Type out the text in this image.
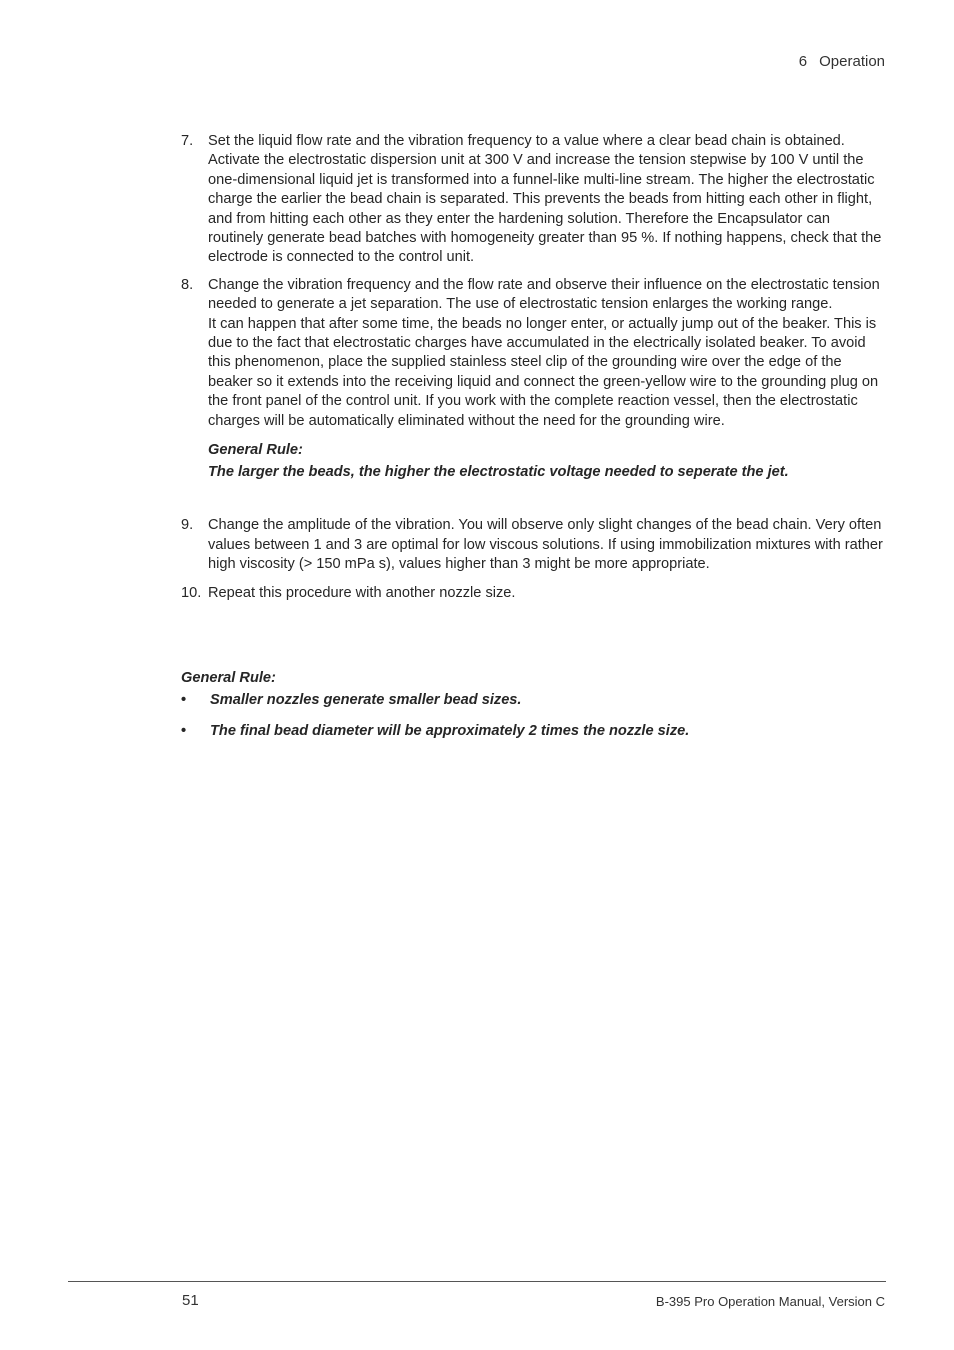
6 Operation
7. Set the liquid flow rate and the vibration frequency to a value where a clear bead chain is obtained. Activate the electrostatic dispersion unit at 300 V and increase the tension stepwise by 100 V until the one-dimensional liquid jet is transformed into a funnel-like multi-line stream. The higher the electrostatic charge the earlier the bead chain is separated. This prevents the beads from hitting each other in flight, and from hitting each other as they enter the hardening solution. Therefore the Encapsulator can routinely generate bead batches with homogeneity greater than 95 %. If nothing happens, check that the electrode is connected to the control unit.

8. Change the vibration frequency and the flow rate and observe their influence on the electrostatic tension needed to generate a jet separation. The use of electrostatic tension enlarges the working range.

It can happen that after some time, the beads no longer enter, or actually jump out of the beaker. This is due to the fact that electrostatic charges have accumulated in the electrically isolated beaker. To avoid this phenomenon, place the supplied stainless steel clip of the grounding wire over the edge of the beaker so it extends into the receiving liquid and connect the green-yellow wire to the grounding plug on the front panel of the control unit. If you work with the complete reaction vessel, then the electrostatic charges will be automatically eliminated without the need for the grounding wire.

General Rule:
The larger the beads, the higher the electrostatic voltage needed to seperate the jet.
9. Change the amplitude of the vibration. You will observe only slight changes of the bead chain. Very often values between 1 and 3 are optimal for low viscous solutions. If using immobilization mixtures with rather high viscosity (> 150 mPa s), values higher than 3 might be more appropriate.

10. Repeat this procedure with another nozzle size.

General Rule:
• Smaller nozzles generate smaller bead sizes.
• The final bead diameter will be approximately 2 times the nozzle size.
51	B-395 Pro Operation Manual, Version C
